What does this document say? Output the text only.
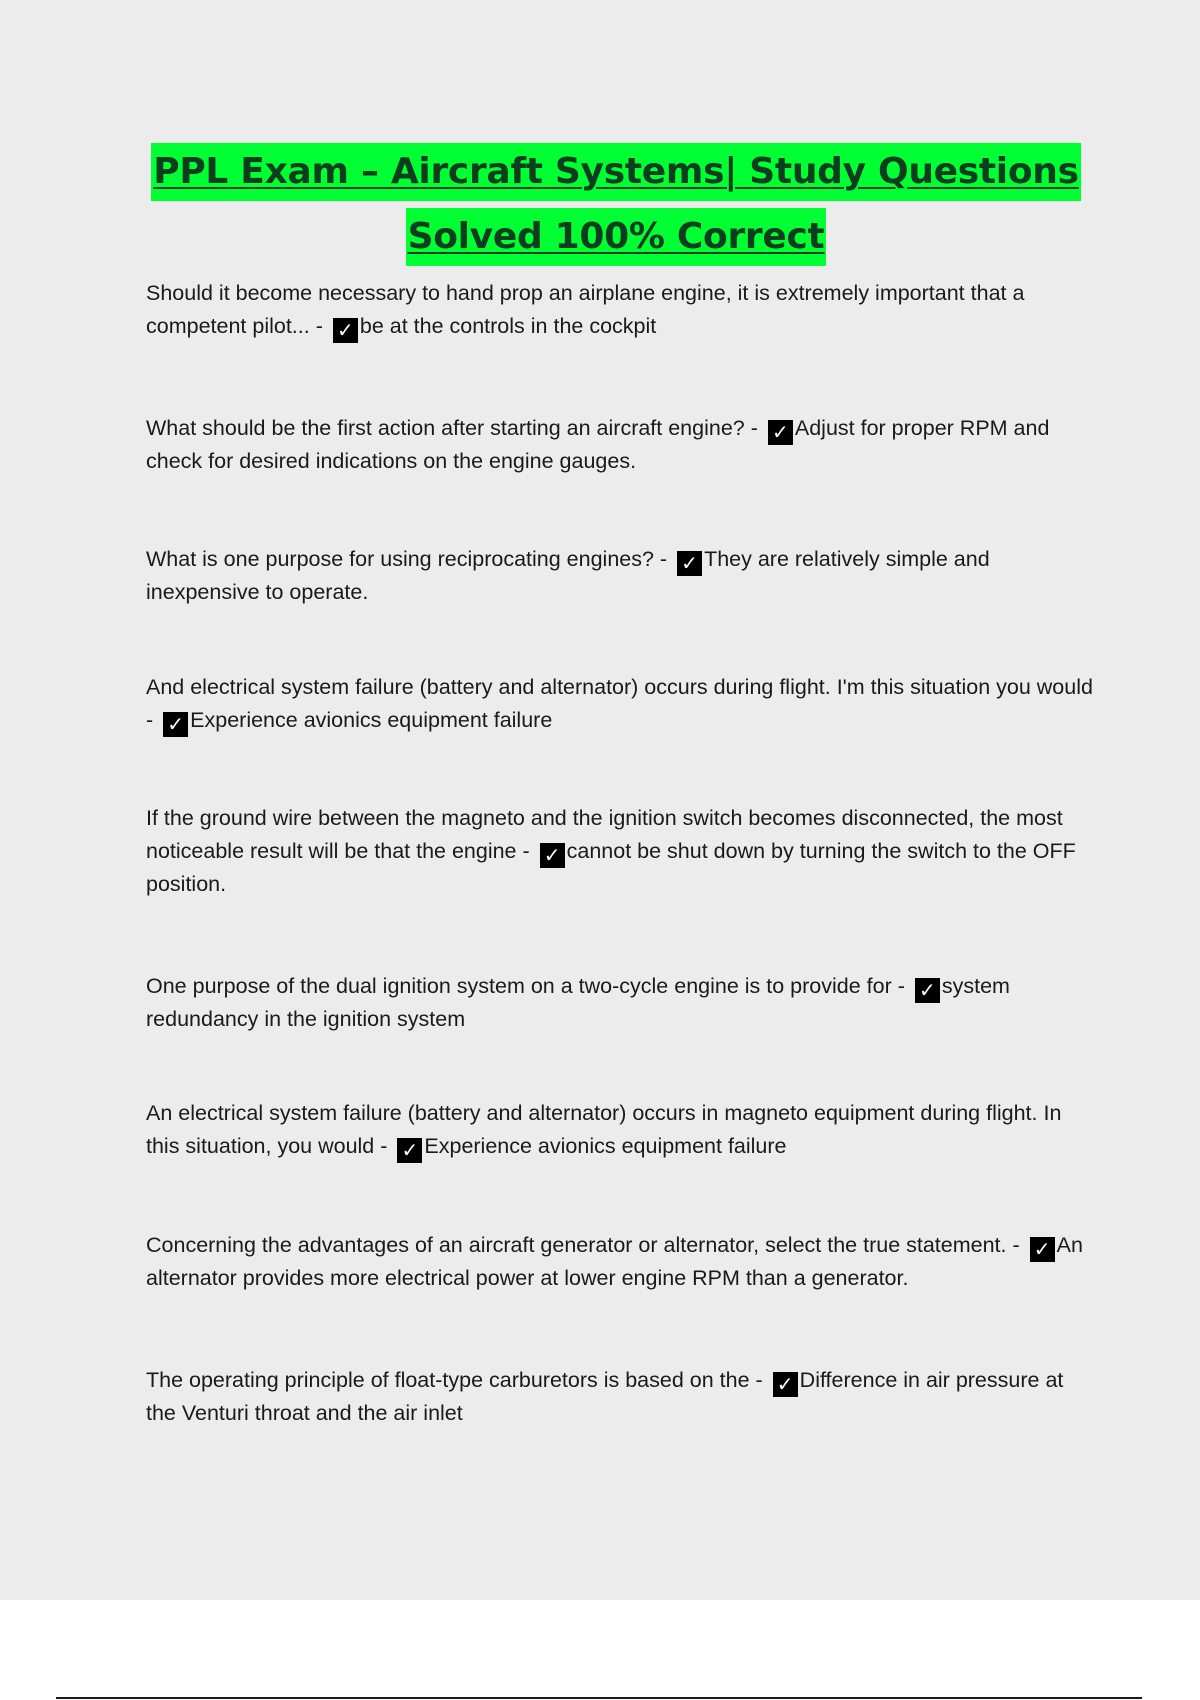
PPL Exam – Aircraft Systems| Study Questions
Solved 100% Correct
Should it become necessary to hand prop an airplane engine, it is extremely important that a competent pilot... - ✓ be at the controls in the cockpit
What should be the first action after starting an aircraft engine? - ✓ Adjust for proper RPM and check for desired indications on the engine gauges.
What is one purpose for using reciprocating engines? - ✓ They are relatively simple and inexpensive to operate.
And electrical system failure (battery and alternator) occurs during flight. I'm this situation you would - ✓ Experience avionics equipment failure
If the ground wire between the magneto and the ignition switch becomes disconnected, the most noticeable result will be that the engine - ✓ cannot be shut down by turning the switch to the OFF position.
One purpose of the dual ignition system on a two-cycle engine is to provide for - ✓ system redundancy in the ignition system
An electrical system failure (battery and alternator) occurs in magneto equipment during flight. In this situation, you would - ✓ Experience avionics equipment failure
Concerning the advantages of an aircraft generator or alternator, select the true statement. - ✓ An alternator provides more electrical power at lower engine RPM than a generator.
The operating principle of float-type carburetors is based on the - ✓ Difference in air pressure at the Venturi throat and the air inlet
